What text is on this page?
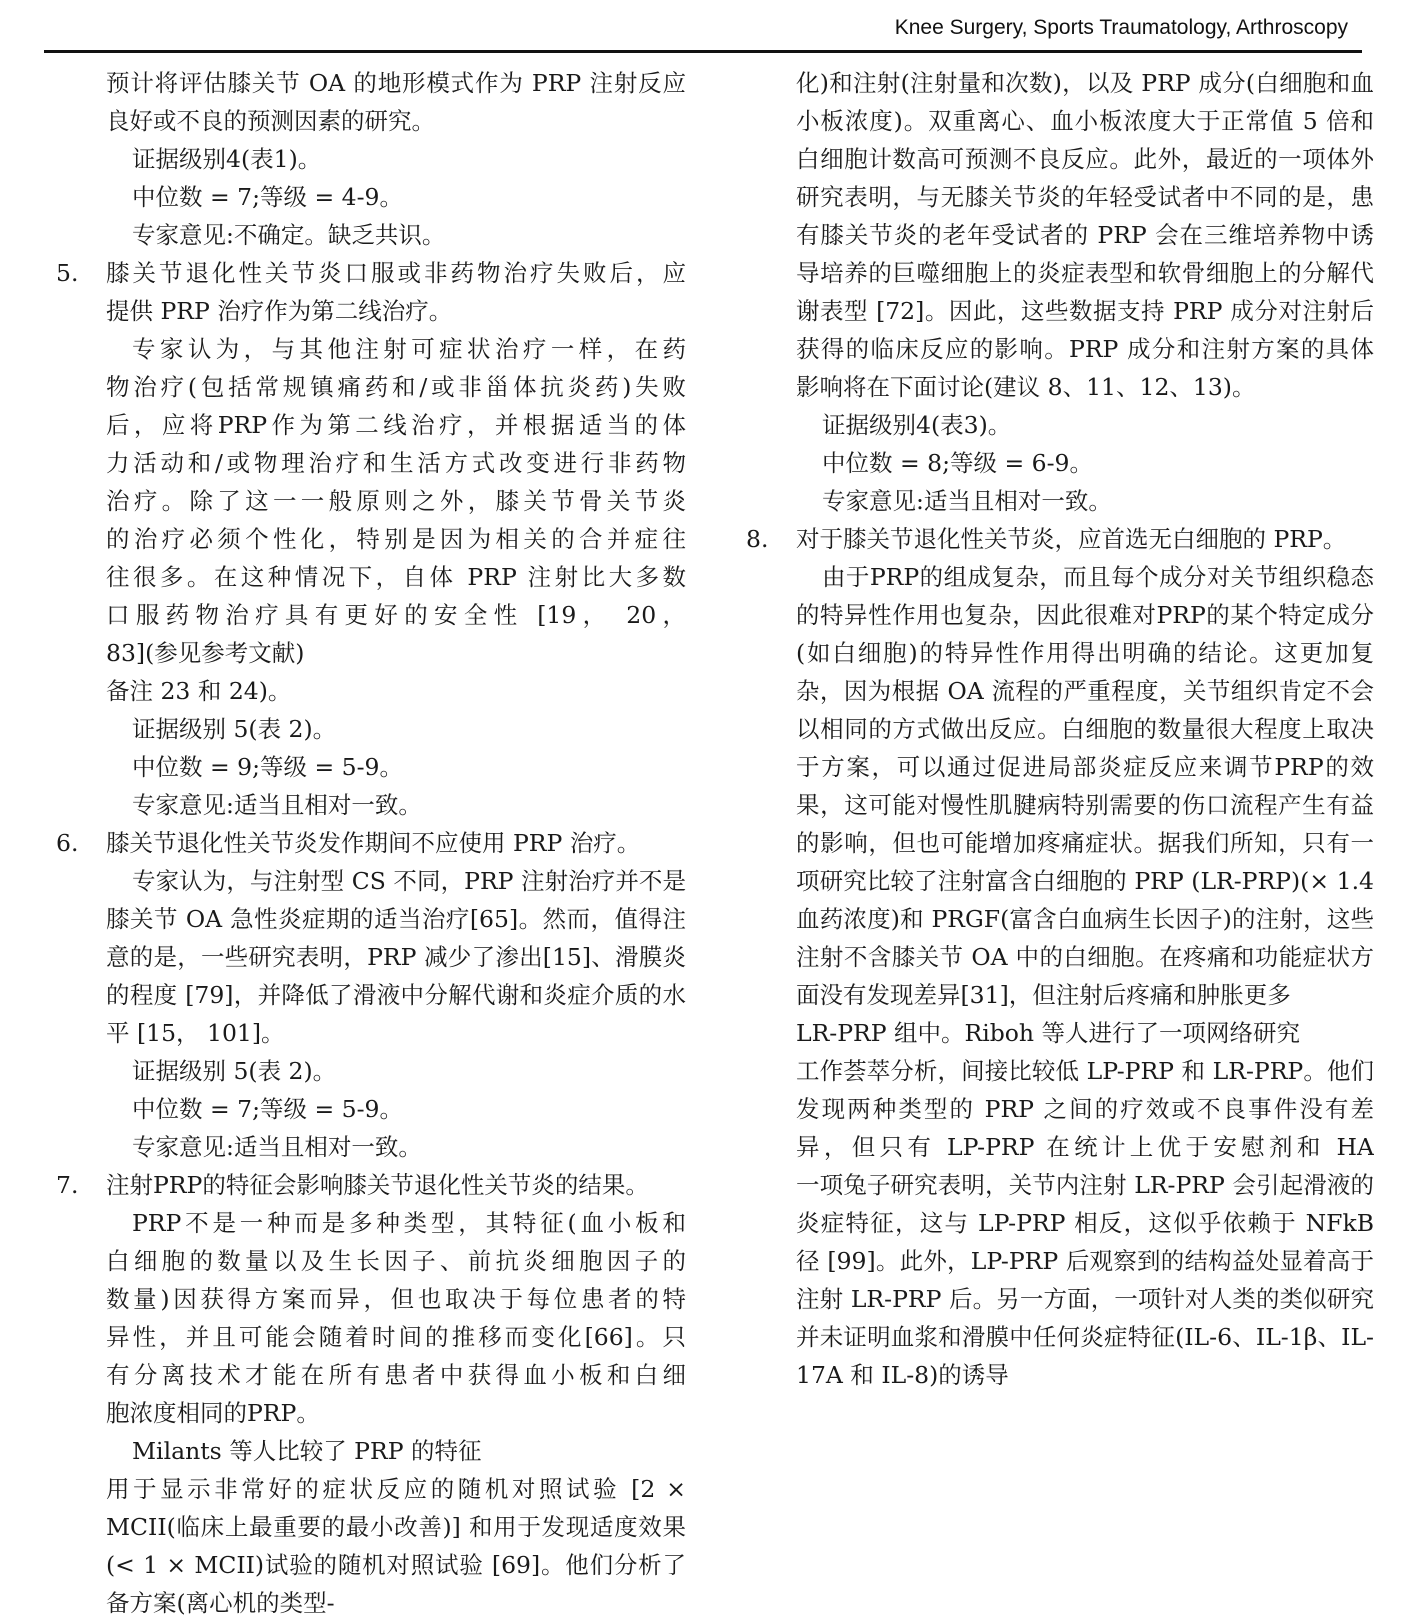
Knee Surgery, Sports Traumatology, Arthroscopy
预计将评估膝关节 OA 的地形模式作为 PRP 注射反应
良好或不良的预测因素的研究。
证据级别4(表1)。
中位数 = 7;等级 = 4-9。
专家意见:不确定。缺乏共识。
5. 膝关节退化性关节炎口服或非药物治疗失败后，应
提供 PRP 治疗作为第二线治疗。
专家认为，与其他注射可症状治疗一样，在药
物治疗(包括常规镇痛药和/或非甾体抗炎药)失败
后，应将PRP作为第二线治疗，并根据适当的体
力活动和/或物理治疗和生活方式改变进行非药物
治疗。除了这一一般原则之外，膝关节骨关节炎
的治疗必须个性化，特别是因为相关的合并症往
往很多。在这种情况下，自体 PRP 注射比大多数
口服药物治疗具有更好的安全性 [19， 20，
83](参见参考文献)
备注 23 和 24)。
证据级别 5(表 2)。
中位数 = 9;等级 = 5-9。
专家意见:适当且相对一致。
6. 膝关节退化性关节炎发作期间不应使用 PRP 治疗。
专家认为，与注射型 CS 不同，PRP 注射治疗并不是
膝关节 OA 急性炎症期的适当治疗[65]。然而，值得注
意的是，一些研究表明，PRP 减少了渗出[15]、滑膜炎
的程度 [79]，并降低了滑液中分解代谢和炎症介质的水
平 [15， 101]。
证据级别 5(表 2)。
中位数 = 7;等级 = 5-9。
专家意见:适当且相对一致。
7. 注射PRP的特征会影响膝关节退化性关节炎的结果。
PRP不是一种而是多种类型，其特征(血小板和
白细胞的数量以及生长因子、前抗炎细胞因子的
数量)因获得方案而异，但也取决于每位患者的特
异性，并且可能会随着时间的推移而变化[66]。只
有分离技术才能在所有患者中获得血小板和白细
胞浓度相同的PRP。
Milants 等人比较了 PRP 的特征
用于显示非常好的症状反应的随机对照试验 [2 ×
MCII(临床上最重要的最小改善)] 和用于发现适度效果
(< 1 × MCII)试验的随机对照试验 [69]。他们分析了
备方案(离心机的类型-
化)和注射(注射量和次数)，以及 PRP 成分(白细胞和血
小板浓度)。双重离心、血小板浓度大于正常值 5 倍和
白细胞计数高可预测不良反应。此外，最近的一项体外
研究表明，与无膝关节炎的年轻受试者中不同的是，患
有膝关节炎的老年受试者的 PRP 会在三维培养物中诱
导培养的巨噬细胞上的炎症表型和软骨细胞上的分解代
谢表型 [72]。因此，这些数据支持 PRP 成分对注射后
获得的临床反应的影响。PRP 成分和注射方案的具体
影响将在下面讨论(建议 8、11、12、13)。
证据级别4(表3)。
中位数 = 8;等级 = 6-9。
专家意见:适当且相对一致。
8. 对于膝关节退化性关节炎，应首选无白细胞的 PRP。
由于PRP的组成复杂，而且每个成分对关节组织稳态
的特异性作用也复杂，因此很难对PRP的某个特定成分
(如白细胞)的特异性作用得出明确的结论。这更加复
杂，因为根据 OA 流程的严重程度，关节组织肯定不会
以相同的方式做出反应。白细胞的数量很大程度上取决
于方案，可以通过促进局部炎症反应来调节PRP的效
果，这可能对慢性肌腱病特别需要的伤口流程产生有益
的影响，但也可能增加疼痛症状。据我们所知，只有一
项研究比较了注射富含白细胞的 PRP (LR-PRP)(× 1.4
血药浓度)和 PRGF(富含白血病生长因子)的注射，这些
注射不含膝关节 OA 中的白细胞。在疼痛和功能症状方
面没有发现差异[31]，但注射后疼痛和肿胀更多
LR-PRP 组中。Riboh 等人进行了一项网络研究
工作荟萃分析，间接比较低 LP-PRP 和 LR-PRP。他们
发现两种类型的 PRP 之间的疗效或不良事件没有差
异，但只有 LP-PRP 在统计上优于安慰剂和 HA
一项兔子研究表明，关节内注射 LR-PRP 会引起滑液的
炎症特征，这与 LP-PRP 相反，这似乎依赖于 NFkB
径 [99]。此外，LP-PRP 后观察到的结构益处显着高于
注射 LR-PRP 后。另一方面，一项针对人类的类似研究
并未证明血浆和滑膜中任何炎症特征(IL-6、IL-1β、IL-
17A 和 IL-8)的诱导
